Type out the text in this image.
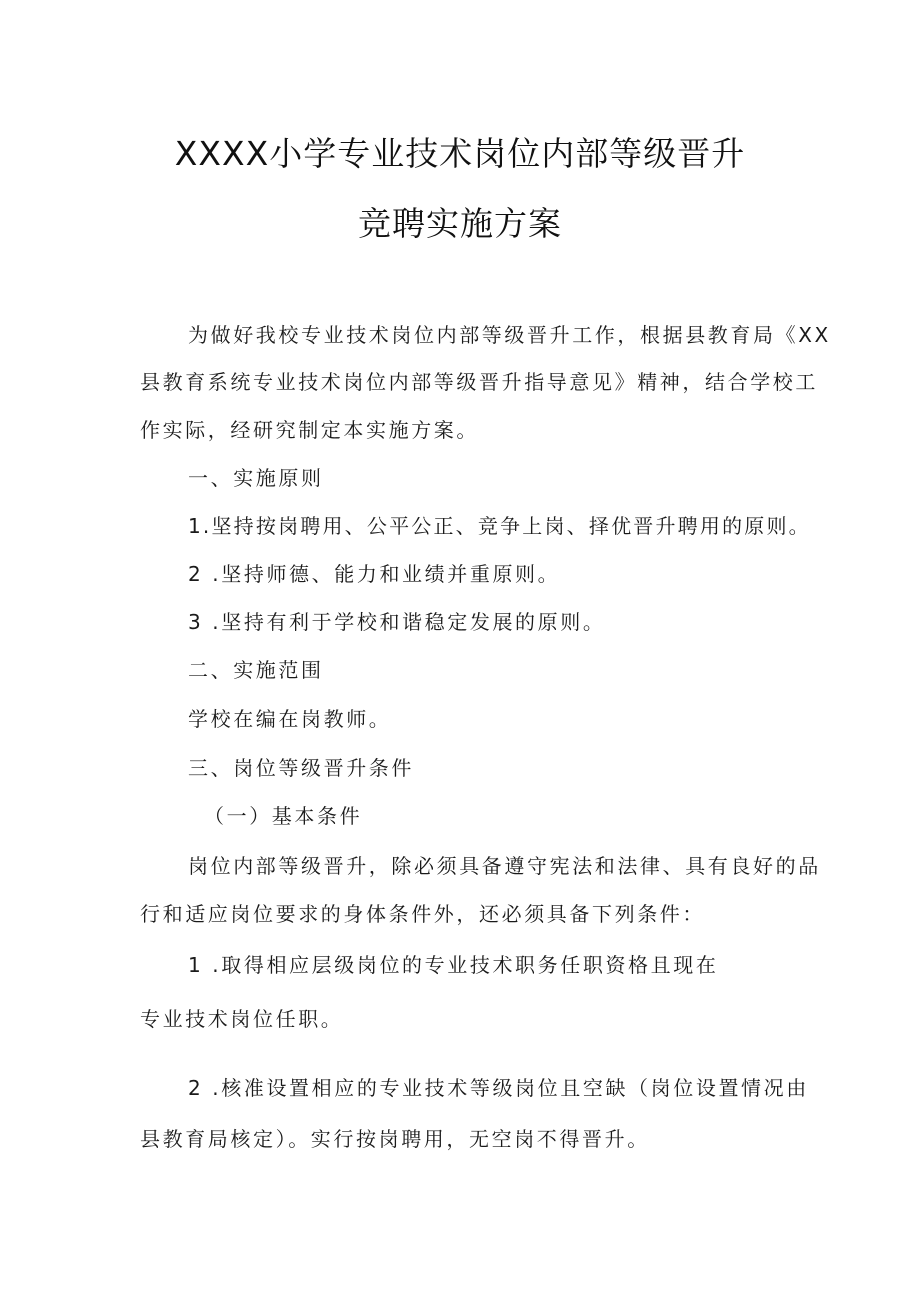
XXXX小学专业技术岗位内部等级晋升
竞聘实施方案
为做好我校专业技术岗位内部等级晋升工作，根据县教育局《XX
县教育系统专业技术岗位内部等级晋升指导意见》精神，结合学校工
作实际，经研究制定本实施方案。
一、实施原则
1.坚持按岗聘用、公平公正、竞争上岗、择优晋升聘用的原则。
2 .坚持师德、能力和业绩并重原则。
3 .坚持有利于学校和谐稳定发展的原则。
二、实施范围
学校在编在岗教师。
三、岗位等级晋升条件
（一）基本条件
岗位内部等级晋升，除必须具备遵守宪法和法律、具有良好的品
行和适应岗位要求的身体条件外，还必须具备下列条件：
1 .取得相应层级岗位的专业技术职务任职资格且现在
专业技术岗位任职。
2 .核准设置相应的专业技术等级岗位且空缺（岗位设置情况由
县教育局核定）。实行按岗聘用，无空岗不得晋升。
